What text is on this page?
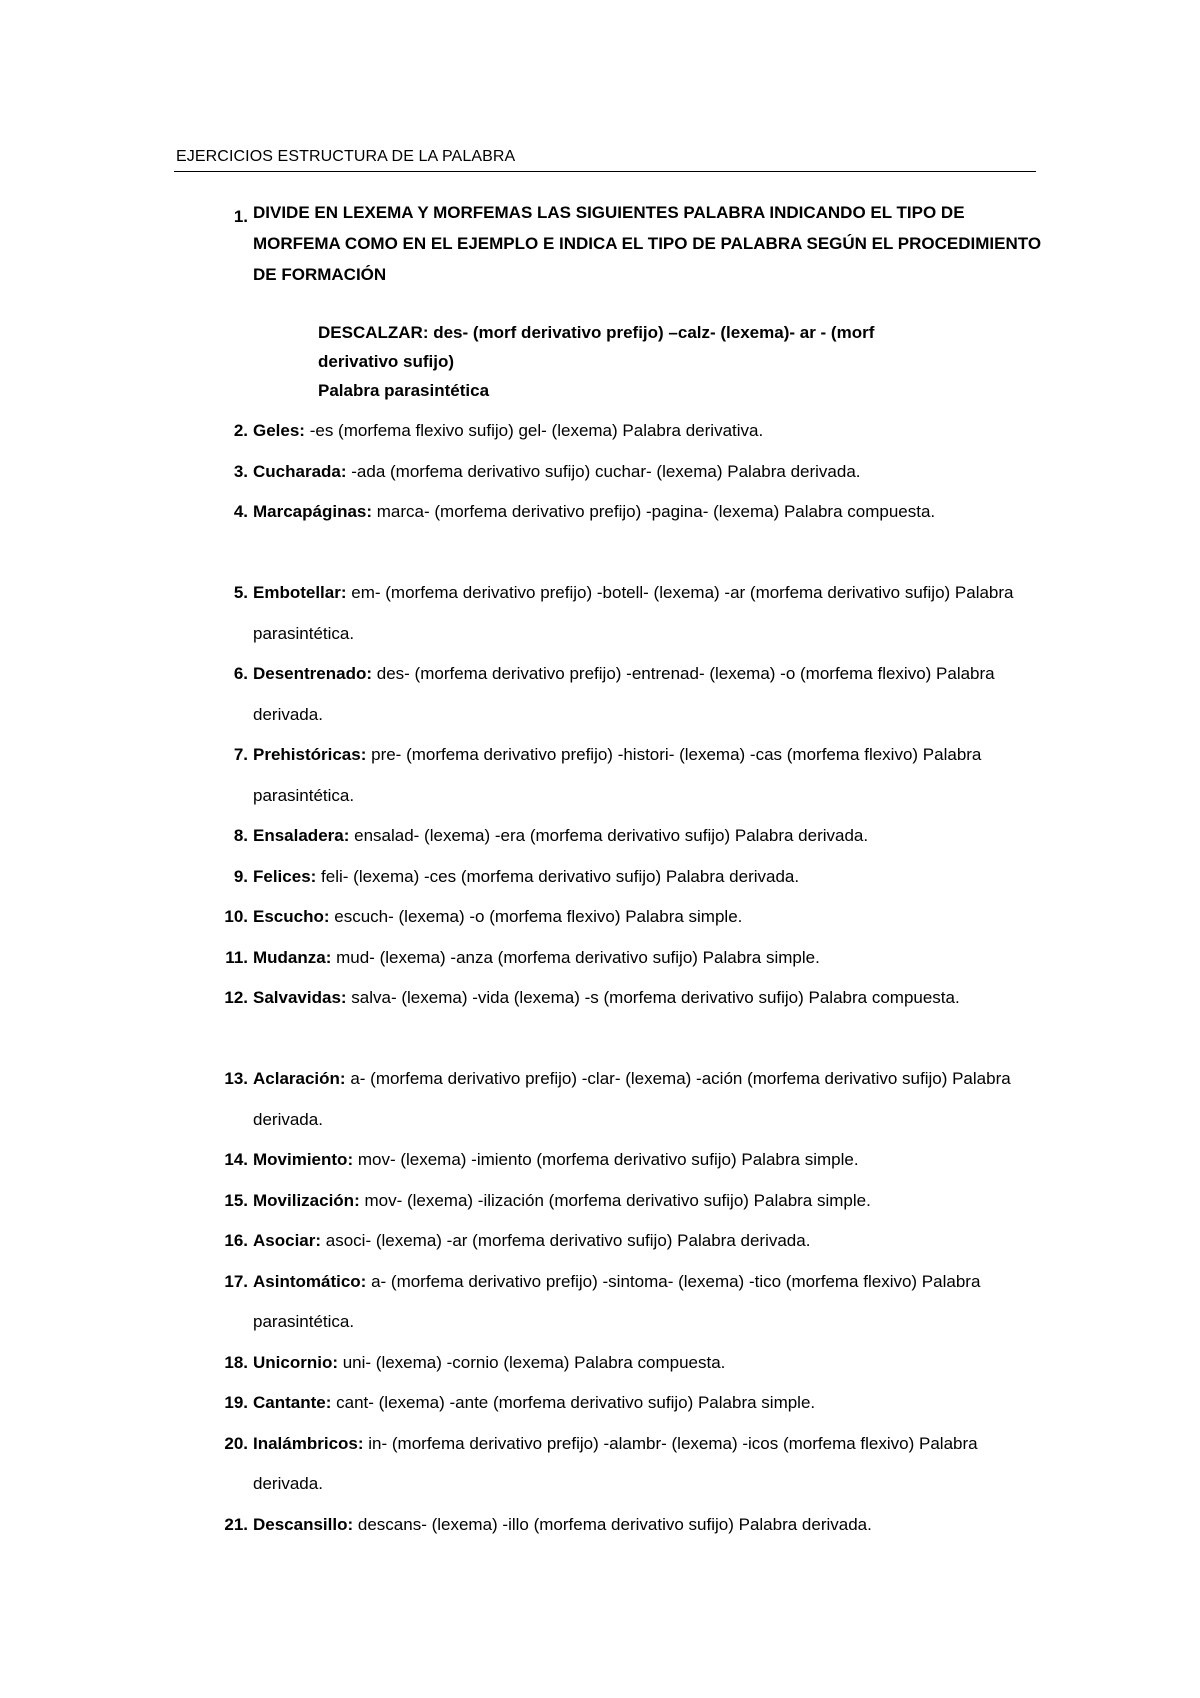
EJERCICIOS ESTRUCTURA DE LA PALABRA
1. DIVIDE EN LEXEMA Y MORFEMAS LAS SIGUIENTES PALABRA INDICANDO EL TIPO DE MORFEMA COMO EN EL EJEMPLO E INDICA EL TIPO DE PALABRA SEGÚN EL PROCEDIMIENTO DE FORMACIÓN
DESCALZAR: des- (morf derivativo prefijo) –calz- (lexema)- ar - (morf derivativo sufijo)
Palabra parasintética
2. Geles: -es (morfema flexivo sufijo) gel- (lexema) Palabra derivativa.
3. Cucharada: -ada (morfema derivativo sufijo) cuchar- (lexema) Palabra derivada.
4. Marcapáginas: marca- (morfema derivativo prefijo) -pagina- (lexema) Palabra compuesta.
5. Embotellar: em- (morfema derivativo prefijo) -botell- (lexema) -ar (morfema derivativo sufijo) Palabra parasintética.
6. Desentrenado: des- (morfema derivativo prefijo) -entrenad- (lexema) -o (morfema flexivo) Palabra derivada.
7. Prehistóricas: pre- (morfema derivativo prefijo) -histori- (lexema) -cas (morfema flexivo) Palabra parasintética.
8. Ensaladera: ensalad- (lexema) -era (morfema derivativo sufijo) Palabra derivada.
9. Felices: feli- (lexema) -ces (morfema derivativo sufijo) Palabra derivada.
10. Escucho: escuch- (lexema) -o (morfema flexivo) Palabra simple.
11. Mudanza: mud- (lexema) -anza (morfema derivativo sufijo) Palabra simple.
12. Salvavidas: salva- (lexema) -vida (lexema) -s (morfema derivativo sufijo) Palabra compuesta.
13. Aclaración: a- (morfema derivativo prefijo) -clar- (lexema) -ación (morfema derivativo sufijo) Palabra derivada.
14. Movimiento: mov- (lexema) -imiento (morfema derivativo sufijo) Palabra simple.
15. Movilización: mov- (lexema) -ilización (morfema derivativo sufijo) Palabra simple.
16. Asociar: asoci- (lexema) -ar (morfema derivativo sufijo) Palabra derivada.
17. Asintomático: a- (morfema derivativo prefijo) -sintoma- (lexema) -tico (morfema flexivo) Palabra parasintética.
18. Unicornio: uni- (lexema) -cornio (lexema) Palabra compuesta.
19. Cantante: cant- (lexema) -ante (morfema derivativo sufijo) Palabra simple.
20. Inalámbricos: in- (morfema derivativo prefijo) -alambr- (lexema) -icos (morfema flexivo) Palabra derivada.
21. Descansillo: descans- (lexema) -illo (morfema derivativo sufijo) Palabra derivada.
